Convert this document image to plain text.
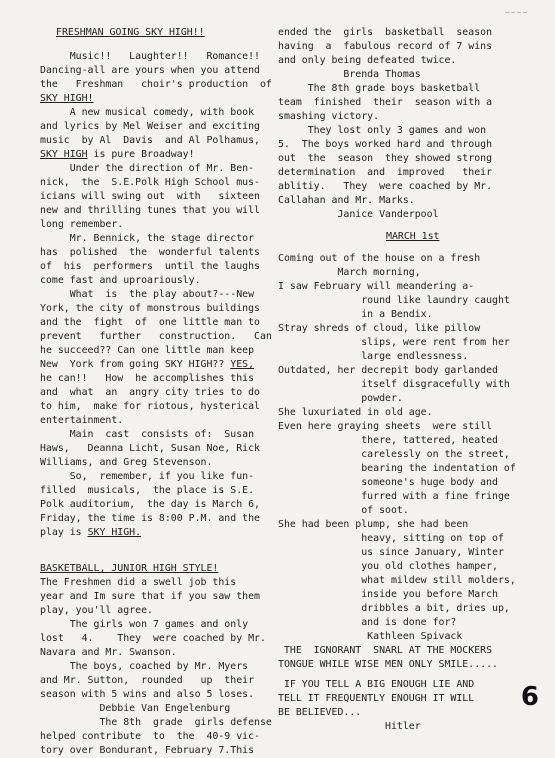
~~~~

FRESHMAN GOING SKY HIGH!!

Music!!   Laughter!!   Romance!!

Dancing-all are yours when you attend

the   Freshman   choir's production  of

SKY HIGH!

A new musical comedy, with book

and lyrics by Mel Weiser and exciting

music  by Al  Davis  and Al Polhamus,

SKY HIGH is pure Broadway!

Under the direction of Mr. Ben-

nick,  the  S.E.Polk High School mus-

icians will swing out  with   sixteen

new and thrilling tunes that you will

long remember.

Mr. Bennick, the stage director

has  polished  the  wonderful talents

of  his  performers  until the laughs

come fast and uproariously.

What  is  the play about?---New

York, the city of monstrous buildings

and the  fight  of  one little man to

prevent   further   construction.   Can

he succeed?? Can one little man keep

New  York from going SKY HIGH?? YES,

he can!!   How  he accomplishes this

and  what  an  angry city tries to do

to him,  make for riotous, hysterical

entertainment.

Main  cast  consists of:  Susan

Haws,   Deanna Licht, Susan Noe, Rick

Williams, and Greg Stevenson.

So,  remember, if you like fun-

filled  musicals,  the place is S.E.

Polk auditorium,  the day is March 6,

Friday, the time is 8:00 P.M. and the

play is SKY HIGH.

BASKETBALL, JUNIOR HIGH STYLE!

The Freshmen did a swell job this

year and Im sure that if you saw them

play, you'll agree.

The girls won 7 games and only

lost   4.    They  were coached by Mr.

Navara and Mr. Swanson.

The boys, coached by Mr. Myers

and Mr. Sutton,  rounded   up  their

season with 5 wins and also 5 loses.

Debbie Van Engelenburg

The 8th  grade  girls defense

helped contribute  to  the  40-9 vic-

tory over Bondurant, February 7.This

ended the  girls  basketball  season

having  a  fabulous record of 7 wins

and only being defeated twice.

Brenda Thomas

The 8th grade boys basketball

team  finished  their  season with a

smashing victory.

They lost only 3 games and won

5.  The boys worked hard and through

out  the  season  they showed strong

determination  and  improved   their

ablitiy.   They  were coached by Mr.

Callahan and Mr. Marks.

Janice Vanderpool

MARCH 1st

Coming out of the house on a fresh

March morning,

I saw February will meandering a-

round like laundry caught

in a Bendix.

Stray shreds of cloud, like pillow

slips, were rent from her

large endlessness.

Outdated, her decrepit body garlanded

itself disgracefully with

powder.

She luxuriated in old age.

Even here graying sheets  were still

there, tattered, heated

carelessly on the street,

bearing the indentation of

someone's huge body and

furred with a fine fringe

of soot.

She had been plump, she had been

heavy, sitting on top of

us since January, Winter

you old clothes hamper,

what mildew still molders,

inside you before March

dribbles a bit, dries up,

and is done for?

Kathleen Spivack

THE  IGNORANT  SNARL AT THE MOCKERS

TONGUE WHILE WISE MEN ONLY SMILE.....

IF YOU TELL A BIG ENOUGH LIE AND

TELL IT FREQUENTLY ENOUGH IT WILL

BE BELIEVED...

Hitler

6
